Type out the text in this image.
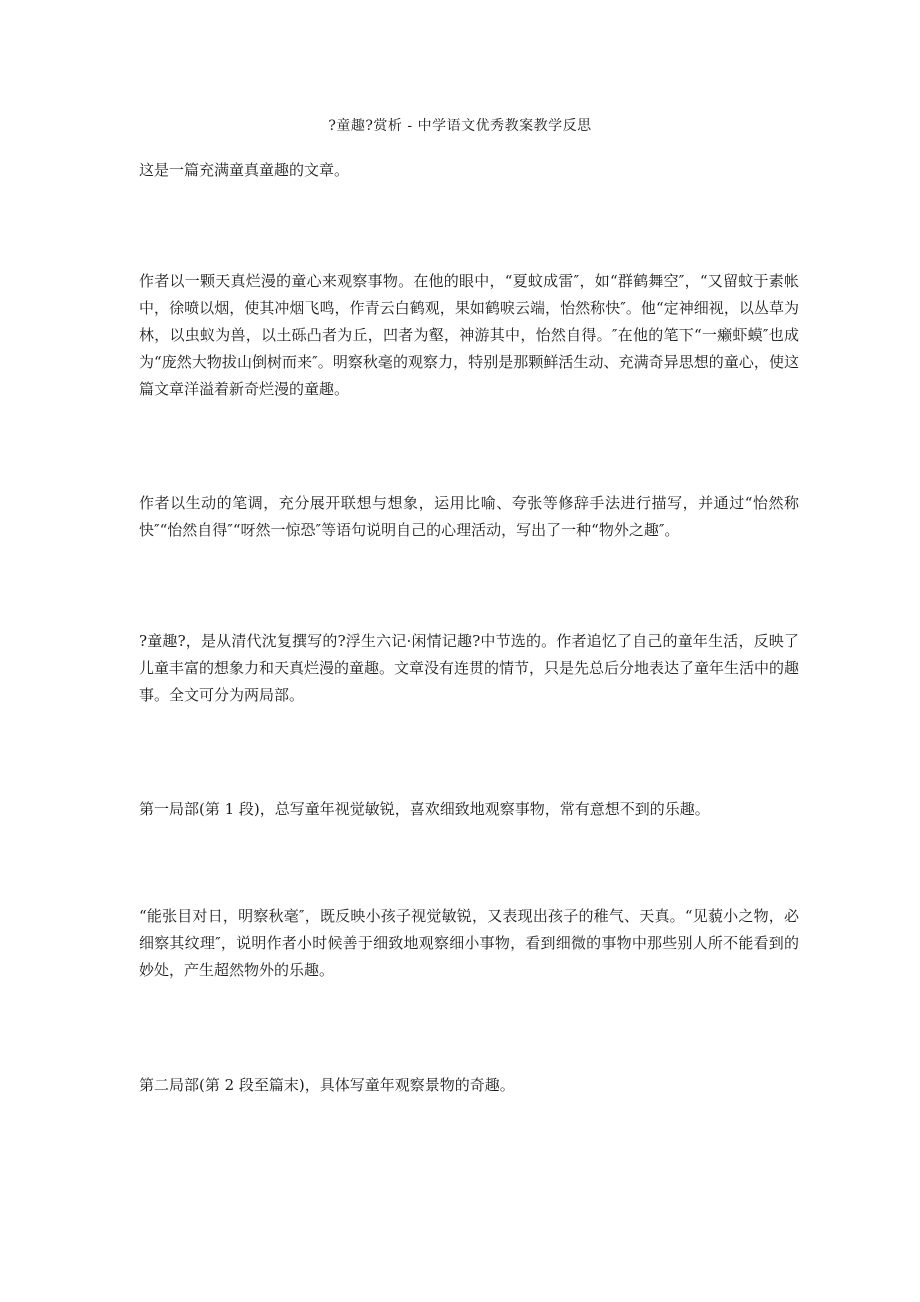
?童趣?赏析 - 中学语文优秀教案教学反思

这是一篇充满童真童趣的文章。

作者以一颗天真烂漫的童心来观察事物。在他的眼中，“夏蚊成雷″，如“群鹤舞空″，“又留蚊于素帐中，徐喷以烟，使其冲烟飞鸣，作青云白鹤观，果如鹤唳云端，怡然称快″。他“定神细视，以丛草为林，以虫蚁为兽，以土砾凸者为丘，凹者为壑，神游其中，怡然自得。″在他的笔下“一癞虾蟆″也成为“庞然大物拔山倒树而来″。明察秋毫的观察力，特别是那颗鲜活生动、充满奇异思想的童心，使这篇文章洋溢着新奇烂漫的童趣。

作者以生动的笔调，充分展开联想与想象，运用比喻、夸张等修辞手法进行描写，并通过“怡然称快″“怡然自得″“呀然一惊恐″等语句说明自己的心理活动，写出了一种“物外之趣″。

?童趣?，是从清代沈复撰写的?浮生六记·闲情记趣?中节选的。作者追忆了自己的童年生活，反映了儿童丰富的想象力和天真烂漫的童趣。文章没有连贯的情节，只是先总后分地表达了童年生活中的趣事。全文可分为两局部。

第一局部(第 1 段)，总写童年视觉敏锐，喜欢细致地观察事物，常有意想不到的乐趣。

“能张目对日，明察秋毫″，既反映小孩子视觉敏锐，又表现出孩子的稚气、天真。“见藐小之物，必细察其纹理″，说明作者小时候善于细致地观察细小事物，看到细微的事物中那些别人所不能看到的妙处，产生超然物外的乐趣。

第二局部(第 2 段至篇末)，具体写童年观察景物的奇趣。
